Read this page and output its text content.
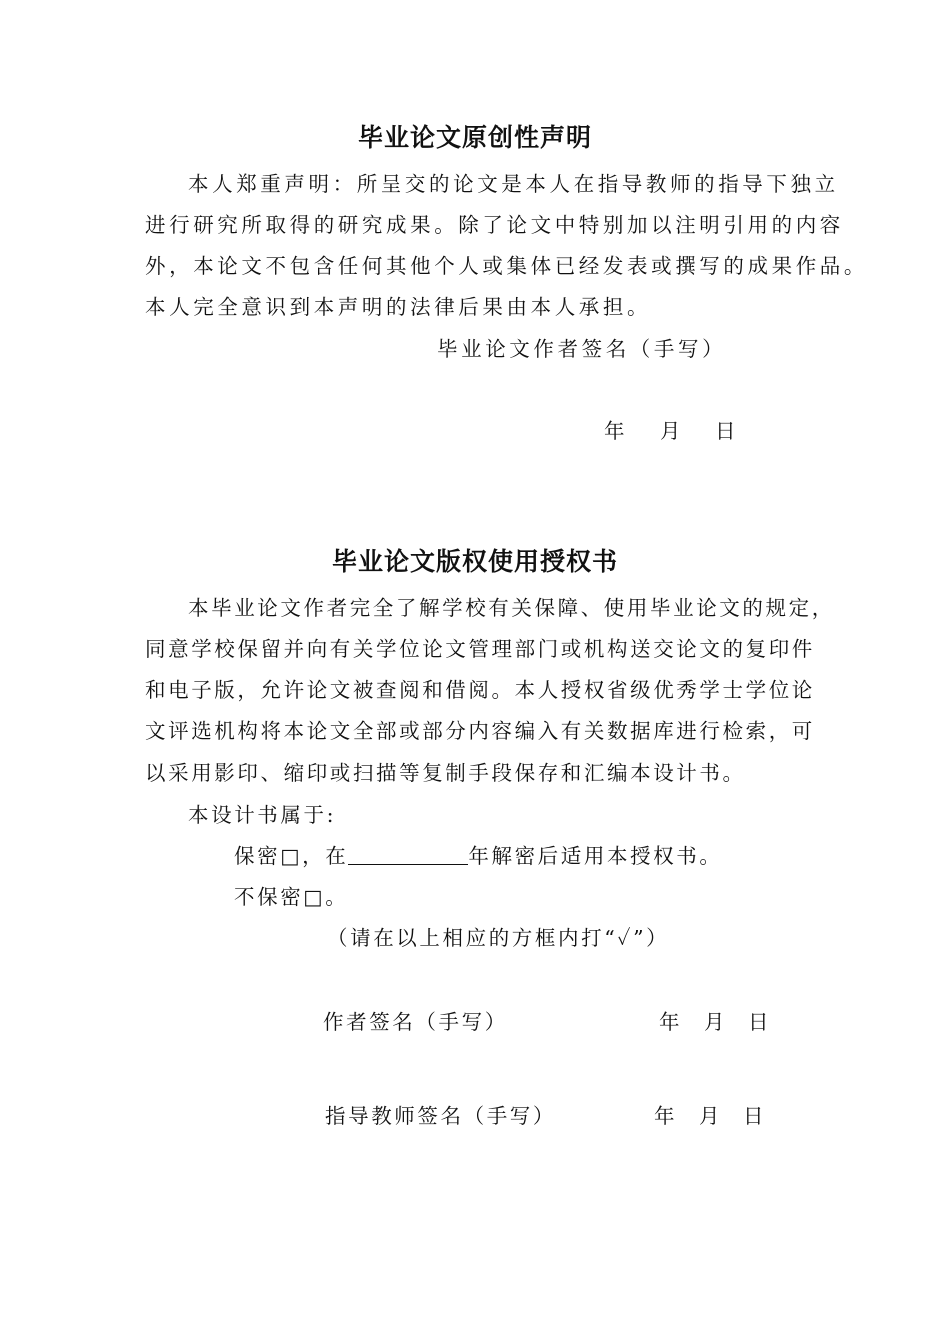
毕业论文原创性声明
本人郑重声明：所呈交的论文是本人在指导教师的指导下独立
进行研究所取得的研究成果。除了论文中特别加以注明引用的内容
外，本论文不包含任何其他个人或集体已经发表或撰写的成果作品。
本人完全意识到本声明的法律后果由本人承担。
毕业论文作者签名（手写）
年 月 日
毕业论文版权使用授权书
本毕业论文作者完全了解学校有关保障、使用毕业论文的规定，
同意学校保留并向有关学位论文管理部门或机构送交论文的复印件
和电子版，允许论文被查阅和借阅。本人授权省级优秀学士学位论
文评选机构将本论文全部或部分内容编入有关数据库进行检索，可
以采用影印、缩印或扫描等复制手段保存和汇编本设计书。
本设计书属于:
保密□，在	年解密后适用本授权书。
不保密□。
（请在以上相应的方框内打“✓”）
作者签名（手写）	年 月 日
指导教师签名（手写）	年 月 日
